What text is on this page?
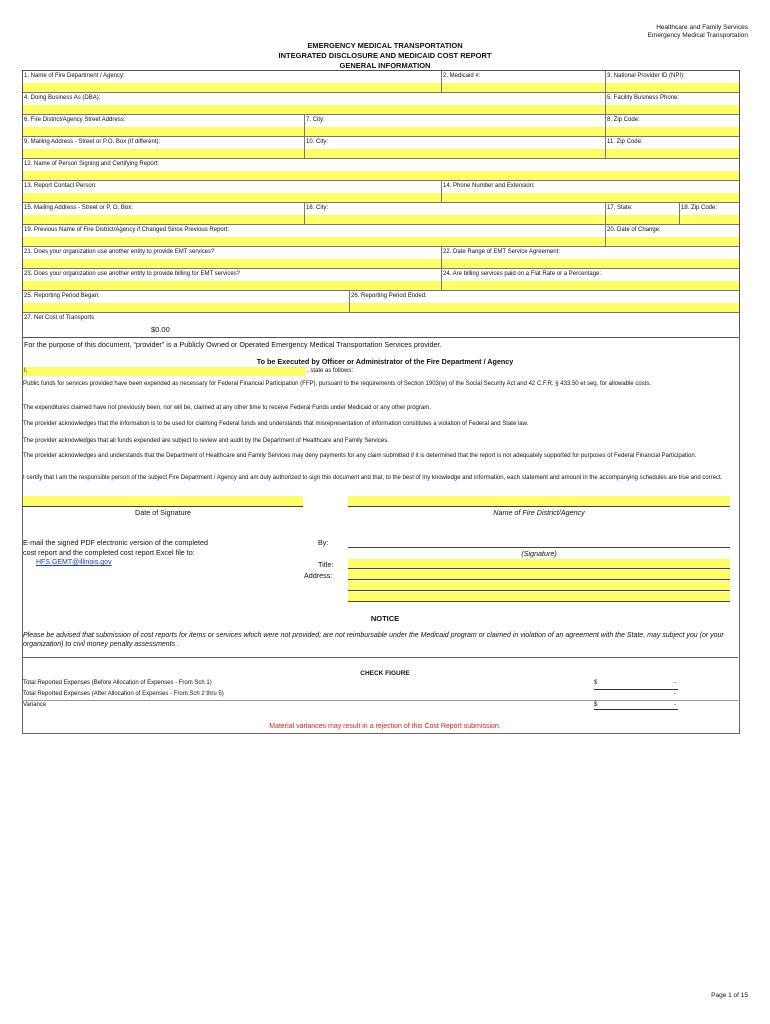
Healthcare and Family Services
Emergency Medical Transportation
EMERGENCY MEDICAL TRANSPORTATION
INTEGRATED DISCLOSURE AND MEDICAID COST REPORT
GENERAL INFORMATION
1. Name of Fire Department / Agency:	2. Medicaid #:	3. National Provider ID (NPI):
4. Doing Business As (DBA):	5. Facility Business Phone:
6. Fire District/Agency Street Address:	7. City:	8. Zip Code:
9. Mailing Address - Street or P.O. Box (If different):	10. City:	11. Zip Code:
12. Name of Person Signing and Certifying Report:
13. Report Contact Person:	14. Phone Number and Extension:
15. Mailing Address - Street or P. O. Box:	16. City:	17. State:	18. Zip Code:
19. Previous Name of Fire District/Agency if Changed Since Previous Report:	20. Date of Change:
21. Does your organization use another entity to provide EMT services?	22. Date Range of EMT Service Agreement:
23. Does your organization use another entity to provide billing for EMT services?	24. Are billing services paid on a Flat Rate or a Percentage:
25. Reporting Period Began:	26. Reporting Period Ended:
27. Net Cost of Transports
$0.00
For the purpose of this document, “provider” is a Publicly Owned or Operated Emergency Medical Transportation Services provider.
To be Executed by Officer or Administrator of the Fire Department / Agency
I,	, state as follows:
Public funds for services provided have been expended as necessary for Federal Financial Participation (FFP), pursuant to the requirements of Section 1903(w) of the Social Security Act and 42 C.F.R. § 433.50 et seq. for allowable costs.
The expenditures claimed have not previously been, nor will be, claimed at any other time to receive Federal Funds under Medicaid or any other program.
The provider acknowledges that the information is to be used for claiming Federal funds and understands that misrepresentation of information constitutes a violation of Federal and State law.
The provider acknowledges that all funds expended are subject to review and audit by the Department of Healthcare and Family Services.
The provider acknowledges and understands that the Department of Healthcare and Family Services may deny payments for any claim submitted if it is determined that the report is not adequately supported for purposes of Federal Financial Participation.
I certify that I am the responsible person of the subject Fire Department / Agency and am duly authorized to sign this document and that, to the best of my knowledge and information, each statement and amount in the accompanying schedules are true and correct.
Date of Signature	Name of Fire District/Agency
E-mail the signed PDF electronic version of the completed
cost report and the completed cost report Excel file to:
HFS.GEMT@illinois.gov
By:
(Signature)
Title:
Address:
NOTICE
Please be advised that submission of cost reports for items or services which were not provided; are not reimbursable under the Medicaid program or claimed in violation of an agreement with the State, may subject you (or your organization) to civil money penalty assessments .
CHECK FIGURE
Total Reported Expenses (Before Allocation of Expenses - From Sch 1)	$	-
Total Reported Expenses (After Allocation of Expenses - From Sch 2 thru 5)	-
Variance	$	-
Material variances may result in a rejection of this Cost Report submission.
Page 1 of 15
